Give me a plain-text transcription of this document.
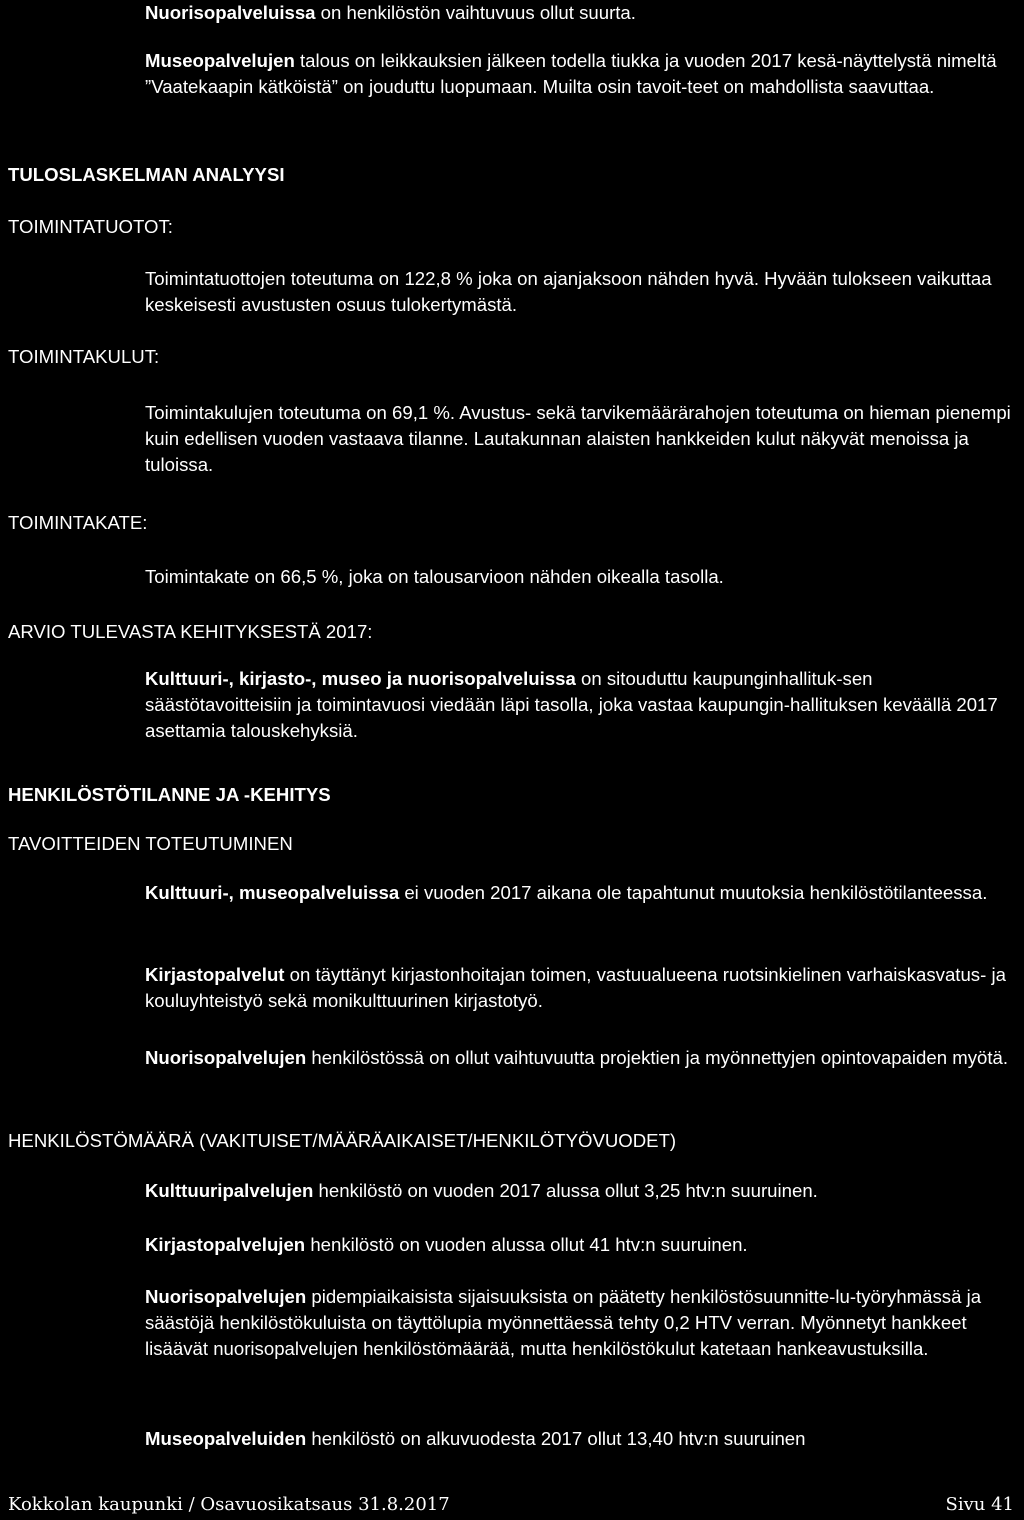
Nuorisopalveluissa on henkilöstön vaihtuvuus ollut suurta.

Museopalvelujen talous on leikkauksien jälkeen todella tiukka ja vuoden 2017 kesä-näyttelystä nimeltä ”Vaatekaapin kätköistä” on jouduttu luopumaan. Muilta osin tavoit-teet on mahdollista saavuttaa.

TULOSLASKELMAN ANALYYSI
TOIMINTATUOTOT:

Toimintatuottojen toteutuma on 122,8 % joka on ajanjaksoon nähden hyvä. Hyvään tulokseen vaikuttaa keskeisesti avustusten osuus tulokertymästä.

TOIMINTAKULUT:

Toimintakulujen toteutuma on 69,1 %. Avustus- sekä tarvikemäärärahojen toteutuma on hieman pienempi kuin edellisen vuoden vastaava tilanne. Lautakunnan alaisten hankkeiden kulut näkyvät menoissa ja tuloissa.

TOIMINTAKATE:

Toimintakate on 66,5 %, joka on talousarvioon nähden oikealla tasolla.

ARVIO TULEVASTA KEHITYKSESTÄ 2017:

Kulttuuri-, kirjasto-, museo ja nuorisopalveluissa on sitouduttu kaupunginhallituk-sen säästötavoitteisiin ja toimintavuosi viedään läpi tasolla, joka vastaa kaupungin-hallituksen keväällä 2017 asettamia talouskehyksiä.

HENKILÖSTÖTILANNE JA -KEHITYS
TAVOITTEIDEN TOTEUTUMINEN

Kulttuuri-, museopalveluissa ei vuoden 2017 aikana ole tapahtunut muutoksia henkilöstötilanteessa.

Kirjastopalvelut on täyttänyt kirjastonhoitajan toimen, vastuualueena ruotsinkielinen varhaiskasvatus- ja kouluyhteistyö sekä monikulttuurinen kirjastotyö.

Nuorisopalvelujen henkilöstössä on ollut vaihtuvuutta projektien ja myönnettyjen opintovapaiden myötä.

HENKILÖSTÖMÄÄRÄ (VAKITUISET/MÄÄRÄAIKAISET/HENKILÖTYÖVUODET)

Kulttuuripalvelujen henkilöstö on vuoden 2017 alussa ollut 3,25 htv:n suuruinen.

Kirjastopalvelujen henkilöstö on vuoden alussa ollut 41 htv:n suuruinen.

Nuorisopalvelujen pidempiaikaisista sijaisuuksista on päätetty henkilöstösuunnitte-lu-työryhmässä ja säästöjä henkilöstökuluista on täyttölupia myönnettäessä tehty 0,2 HTV verran. Myönnetyt hankkeet lisäävät nuorisopalvelujen henkilöstömäärää, mutta henkilöstökulut katetaan hankeavustuksilla.

Museopalveluiden henkilöstö on alkuvuodesta 2017 ollut 13,40 htv:n suuruinen

Kokkolan kaupunki / Osavuosikatsaus 31.8.2017	Sivu 41
